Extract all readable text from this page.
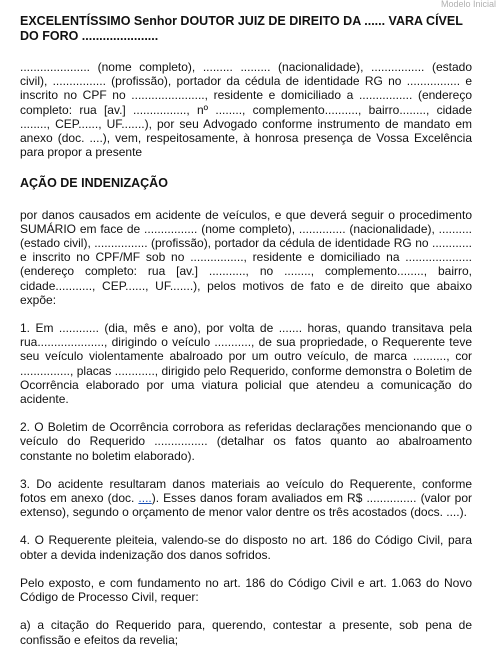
Modelo Inicial
EXCELENTÍSSIMO Senhor DOUTOR JUIZ DE DIREITO DA ...... VARA CÍVEL DO FORO ......................

..................... (nome completo), ......... ......... (nacionalidade), ................ (estado civil), ................ (profissão), portador da cédula de identidade RG no ................ e inscrito no CPF no ......................, residente e domiciliado a ................ (endereço completo: rua [av.] ................, nº ........, complemento.........., bairro........, cidade ........, CEP......, UF.......), por seu Advogado conforme instrumento de mandato em anexo (doc. ....), vem, respeitosamente, à honrosa presença de Vossa Excelência para propor a presente

AÇÃO DE INDENIZAÇÃO

por danos causados em acidente de veículos, e que deverá seguir o procedimento SUMÁRIO em face de ................ (nome completo), .............. (nacionalidade), .......... (estado civil), ................ (profissão), portador da cédula de identidade RG no ............ e inscrito no CPF/MF sob no ................, residente e domiciliado na .................... (endereço completo: rua [av.] ..........., no ........, complemento........, bairro, cidade..........., CEP......, UF.......), pelos motivos de fato e de direito que abaixo expõe:

1. Em ............ (dia, mês e ano), por volta de ....... horas, quando transitava pela rua...................., dirigindo o veículo ..........., de sua propriedade, o Requerente teve seu veículo violentamente abalroado por um outro veículo, de marca .........., cor ..............., placas ............, dirigido pelo Requerido, conforme demonstra o Boletim de Ocorrência elaborado por uma viatura policial que atendeu a comunicação do acidente.

2. O Boletim de Ocorrência corrobora as referidas declarações mencionando que o veículo do Requerido ................ (detalhar os fatos quanto ao abalroamento constante no boletim elaborado).

3. Do acidente resultaram danos materiais ao veículo do Requerente, conforme fotos em anexo (doc. ....). Esses danos foram avaliados em R$ ............... (valor por extenso), segundo o orçamento de menor valor dentre os três acostados (docs. ....).

4. O Requerente pleiteia, valendo-se do disposto no art. 186 do Código Civil, para obter a devida indenização dos danos sofridos.

Pelo exposto, e com fundamento no art. 186 do Código Civil e art. 1.063 do Novo Código de Processo Civil, requer:

a) a citação do Requerido para, querendo, contestar a presente, sob pena de confissão e efeitos da revelia;
